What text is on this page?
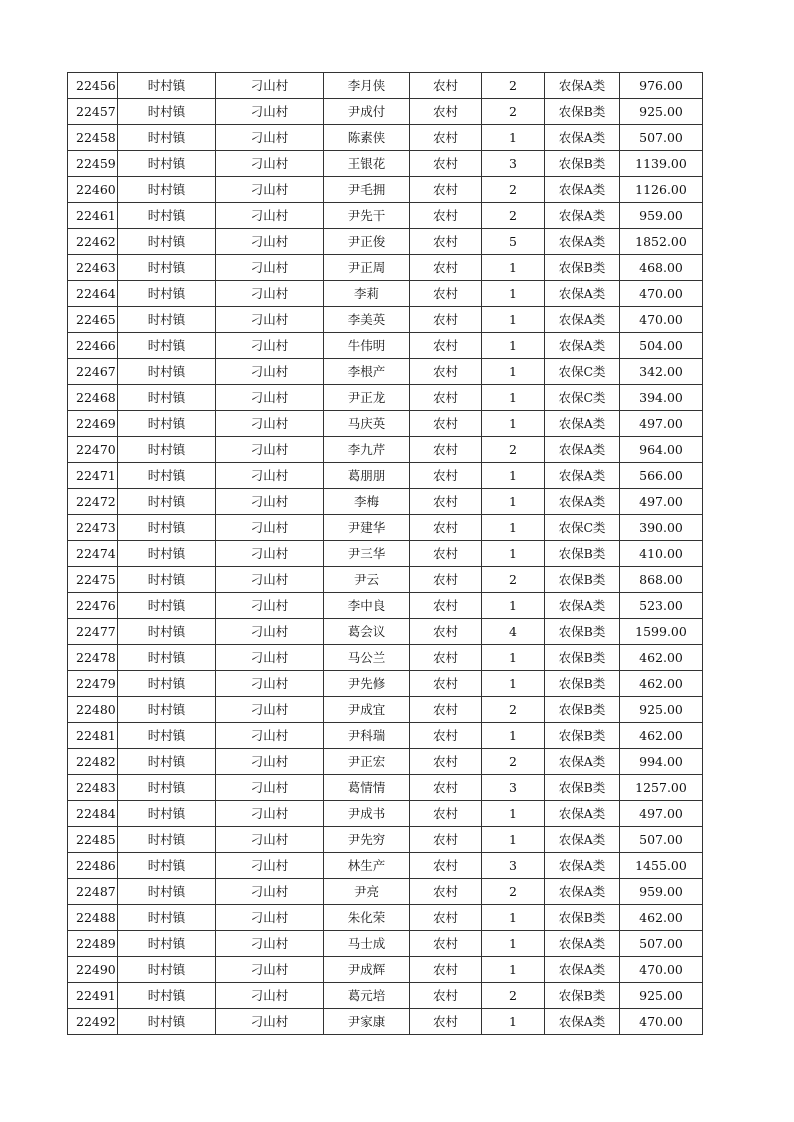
22456	时村镇	刁山村	李月侠	农村	2	农保A类	976.00
22457	时村镇	刁山村	尹成付	农村	2	农保B类	925.00
22458	时村镇	刁山村	陈素侠	农村	1	农保A类	507.00
22459	时村镇	刁山村	王银花	农村	3	农保B类	1139.00
22460	时村镇	刁山村	尹毛拥	农村	2	农保A类	1126.00
22461	时村镇	刁山村	尹先干	农村	2	农保A类	959.00
22462	时村镇	刁山村	尹正俊	农村	5	农保A类	1852.00
22463	时村镇	刁山村	尹正周	农村	1	农保B类	468.00
22464	时村镇	刁山村	李莉	农村	1	农保A类	470.00
22465	时村镇	刁山村	李美英	农村	1	农保A类	470.00
22466	时村镇	刁山村	牛伟明	农村	1	农保A类	504.00
22467	时村镇	刁山村	李根产	农村	1	农保C类	342.00
22468	时村镇	刁山村	尹正龙	农村	1	农保C类	394.00
22469	时村镇	刁山村	马庆英	农村	1	农保A类	497.00
22470	时村镇	刁山村	李九芹	农村	2	农保A类	964.00
22471	时村镇	刁山村	葛朋朋	农村	1	农保A类	566.00
22472	时村镇	刁山村	李梅	农村	1	农保A类	497.00
22473	时村镇	刁山村	尹建华	农村	1	农保C类	390.00
22474	时村镇	刁山村	尹三华	农村	1	农保B类	410.00
22475	时村镇	刁山村	尹云	农村	2	农保B类	868.00
22476	时村镇	刁山村	李中良	农村	1	农保A类	523.00
22477	时村镇	刁山村	葛会议	农村	4	农保B类	1599.00
22478	时村镇	刁山村	马公兰	农村	1	农保B类	462.00
22479	时村镇	刁山村	尹先修	农村	1	农保B类	462.00
22480	时村镇	刁山村	尹成宜	农村	2	农保B类	925.00
22481	时村镇	刁山村	尹科瑞	农村	1	农保B类	462.00
22482	时村镇	刁山村	尹正宏	农村	2	农保A类	994.00
22483	时村镇	刁山村	葛情情	农村	3	农保B类	1257.00
22484	时村镇	刁山村	尹成书	农村	1	农保A类	497.00
22485	时村镇	刁山村	尹先穷	农村	1	农保A类	507.00
22486	时村镇	刁山村	林生产	农村	3	农保A类	1455.00
22487	时村镇	刁山村	尹亮	农村	2	农保A类	959.00
22488	时村镇	刁山村	朱化荣	农村	1	农保B类	462.00
22489	时村镇	刁山村	马士成	农村	1	农保A类	507.00
22490	时村镇	刁山村	尹成辉	农村	1	农保A类	470.00
22491	时村镇	刁山村	葛元培	农村	2	农保B类	925.00
22492	时村镇	刁山村	尹家康	农村	1	农保A类	470.00
